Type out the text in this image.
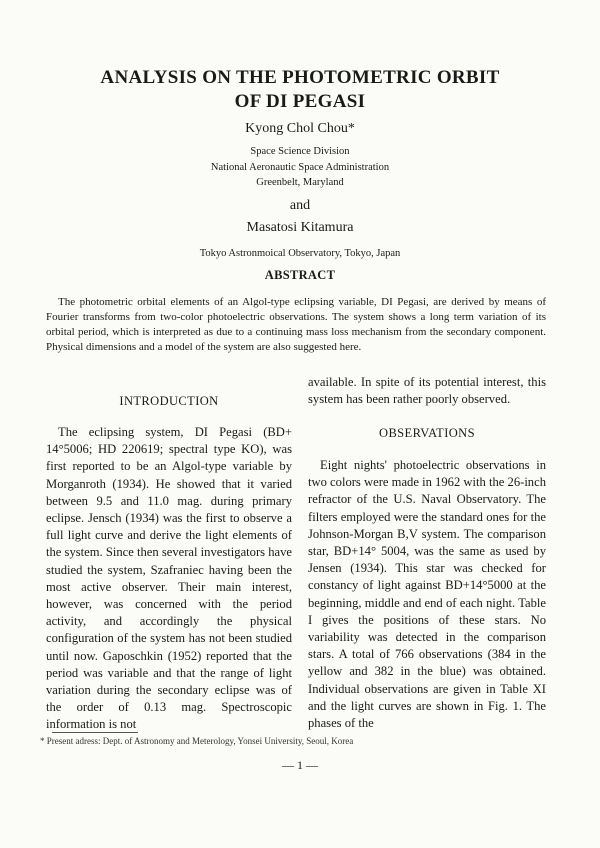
ANALYSIS ON THE PHOTOMETRIC ORBIT
OF DI PEGASI
Kyong Chol Chou*
Space Science Division
National Aeronautic Space Administration
Greenbelt, Maryland
and
Masatosi Kitamura
Tokyo Astronmoical Observatory, Tokyo, Japan
ABSTRACT
The photometric orbital elements of an Algol-type eclipsing variable, DI Pegasi, are derived by means of Fourier transforms from two-color photoelectric observations. The system shows a long term variation of its orbital period, which is interpreted as due to a continuing mass loss mechanism from the secondary component. Physical dimensions and a model of the system are also suggested here.
INTRODUCTION
The eclipsing system, DI Pegasi (BD+ 14°5006; HD 220619; spectral type KO), was first reported to be an Algol-type variable by Morganroth (1934). He showed that it varied between 9.5 and 11.0 mag. during primary eclipse. Jensch (1934) was the first to observe a full light curve and derive the light elements of the system. Since then several investigators have studied the system, Szafraniec having been the most active observer. Their main interest, however, was concerned with the period activity, and accordingly the physical configuration of the system has not been studied until now. Gaposchkin (1952) reported that the period was variable and that the range of light variation during the secondary eclipse was of the order of 0.13 mag. Spectroscopic information is not
available. In spite of its potential interest, this system has been rather poorly observed.
OBSERVATIONS
Eight nights' photoelectric observations in two colors were made in 1962 with the 26-inch refractor of the U.S. Naval Observatory. The filters employed were the standard ones for the Johnson-Morgan B,V system. The comparison star, BD+14° 5004, was the same as used by Jensen (1934). This star was checked for constancy of light against BD+14°5000 at the beginning, middle and end of each night. Table I gives the positions of these stars. No variability was detected in the comparison stars. A total of 766 observations (384 in the yellow and 382 in the blue) was obtained. Individual observations are given in Table XI and the light curves are shown in Fig. 1. The phases of the
* Present adress: Dept. of Astronomy and Meterology, Yonsei University, Seoul, Korea
— 1 —
